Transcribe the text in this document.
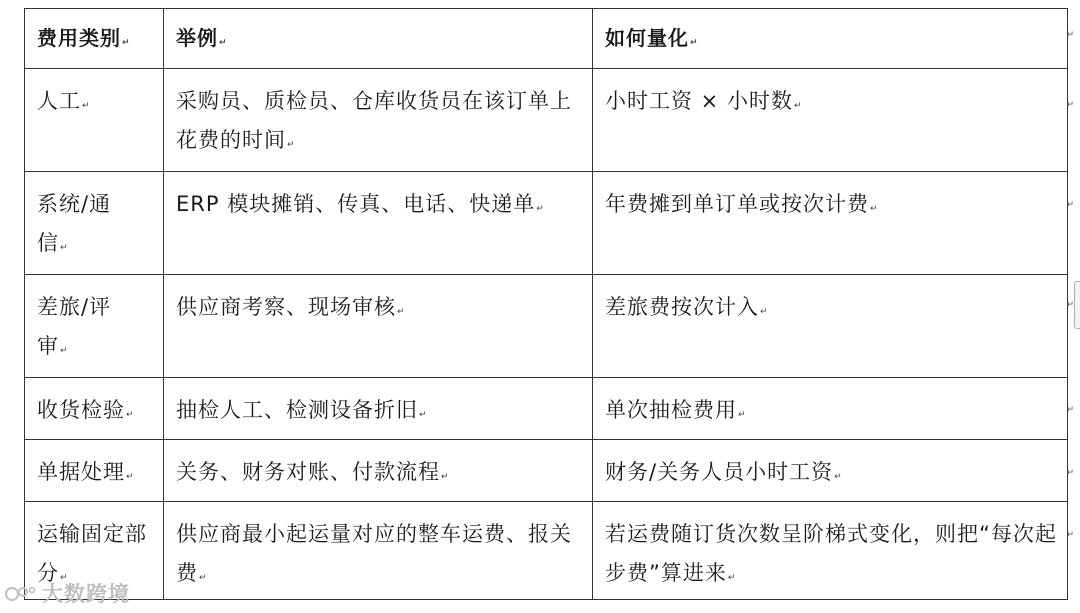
费用类别↵	举例↵	如何量化↵

人工↵	采购员、质检员、仓库收货员在该订单上花费的时间↵	小时工资 × 小时数↵

系统/通信↵	ERP 模块摊销、传真、电话、快递单↵	年费摊到单订单或按次计费↵

差旅/评审↵	供应商考察、现场审核↵	差旅费按次计入↵

收货检验↵	抽检人工、检测设备折旧↵	单次抽检费用↵

单据处理↵	关务、财务对账、付款流程↵	财务/关务人员小时工资↵

运输固定部分↵	供应商最小起运量对应的整车运费、报关费↵	若运费随订货次数呈阶梯式变化，则把“每次起步费”算进来↵
↵
↵
↵
↵
↵
↵
↵
大数跨境
